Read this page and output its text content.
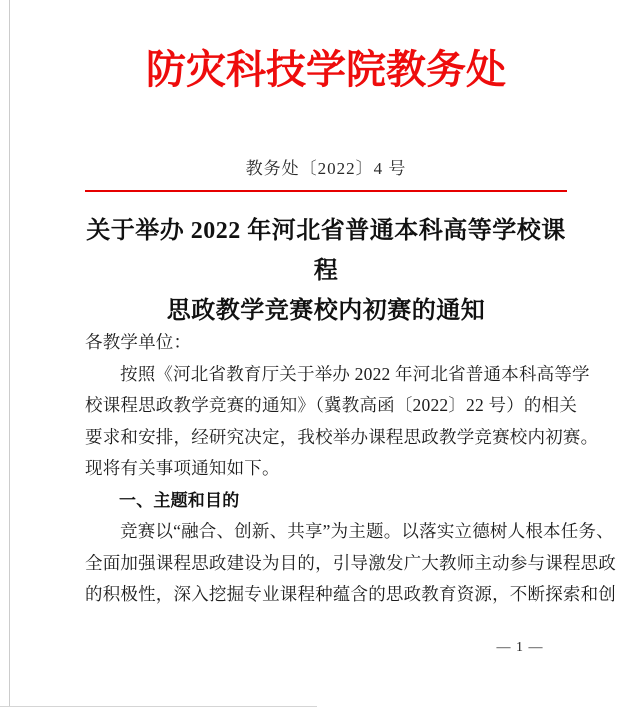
防灾科技学院教务处
教务处〔2022〕4 号
关于举办 2022 年河北省普通本科高等学校课程
思政教学竞赛校内初赛的通知
各教学单位：
按照《河北省教育厅关于举办 2022 年河北省普通本科高等学
校课程思政教学竞赛的通知》（冀教高函〔2022〕22 号）的相关
要求和安排，经研究决定，我校举办课程思政教学竞赛校内初赛。
现将有关事项通知如下。
一、主题和目的
竞赛以“融合、创新、共享”为主题。以落实立德树人根本任务、
全面加强课程思政建设为目的，引导激发广大教师主动参与课程思政
的积极性，深入挖掘专业课程种蕴含的思政教育资源，不断探索和创
— 1 —
